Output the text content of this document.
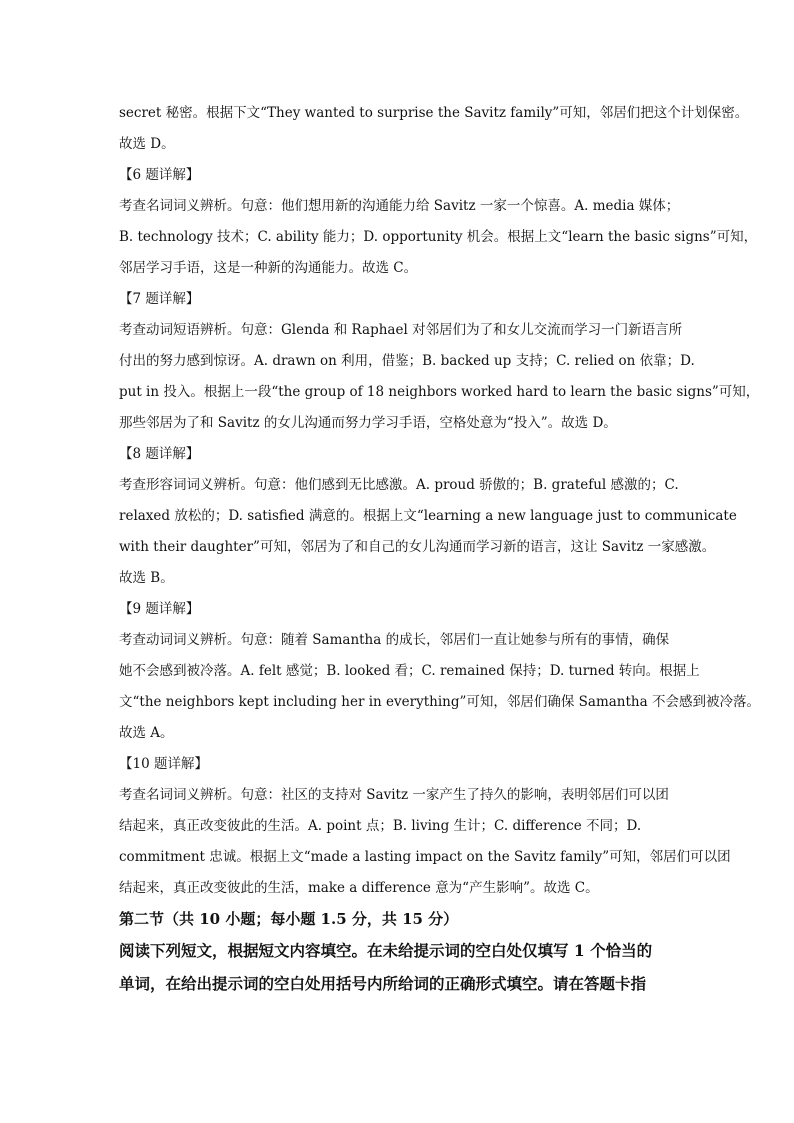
secret 秘密。根据下文“They wanted to surprise the Savitz family”可知，邻居们把这个计划保密。
故选 D。
【6 题详解】
考查名词词义辨析。句意：他们想用新的沟通能力给 Savitz 一家一个惊喜。A. media 媒体；
B. technology 技术；C. ability 能力；D. opportunity 机会。根据上文“learn the basic signs”可知，
邻居学习手语，这是一种新的沟通能力。故选 C。
【7 题详解】
考查动词短语辨析。句意：Glenda 和 Raphael 对邻居们为了和女儿交流而学习一门新语言所
付出的努力感到惊讶。A. drawn on 利用，借鉴；B. backed up 支持；C. relied on 依靠；D.
put in 投入。根据上一段“the group of 18 neighbors worked hard to learn the basic signs”可知，
那些邻居为了和 Savitz 的女儿沟通而努力学习手语，空格处意为“投入”。故选 D。
【8 题详解】
考查形容词词义辨析。句意：他们感到无比感激。A. proud 骄傲的；B. grateful 感激的；C.
relaxed 放松的；D. satisfied 满意的。根据上文“learning a new language just to communicate
with their daughter”可知，邻居为了和自己的女儿沟通而学习新的语言，这让 Savitz 一家感激。
故选 B。
【9 题详解】
考查动词词义辨析。句意：随着 Samantha 的成长，邻居们一直让她参与所有的事情，确保
她不会感到被冷落。A. felt 感觉；B. looked 看；C. remained 保持；D. turned 转向。根据上
文“the neighbors kept including her in everything”可知，邻居们确保 Samantha 不会感到被冷落。
故选 A。
【10 题详解】
考查名词词义辨析。句意：社区的支持对 Savitz 一家产生了持久的影响，表明邻居们可以团
结起来，真正改变彼此的生活。A. point 点；B. living 生计；C. difference 不同；D.
commitment 忠诚。根据上文“made a lasting impact on the Savitz family”可知，邻居们可以团
结起来，真正改变彼此的生活，make a difference 意为“产生影响”。故选 C。
第二节（共 10 小题；每小题 1.5 分，共 15 分）
阅读下列短文，根据短文内容填空。在未给提示词的空白处仅填写 1 个恰当的
单词，在给出提示词的空白处用括号内所给词的正确形式填空。请在答题卡指
